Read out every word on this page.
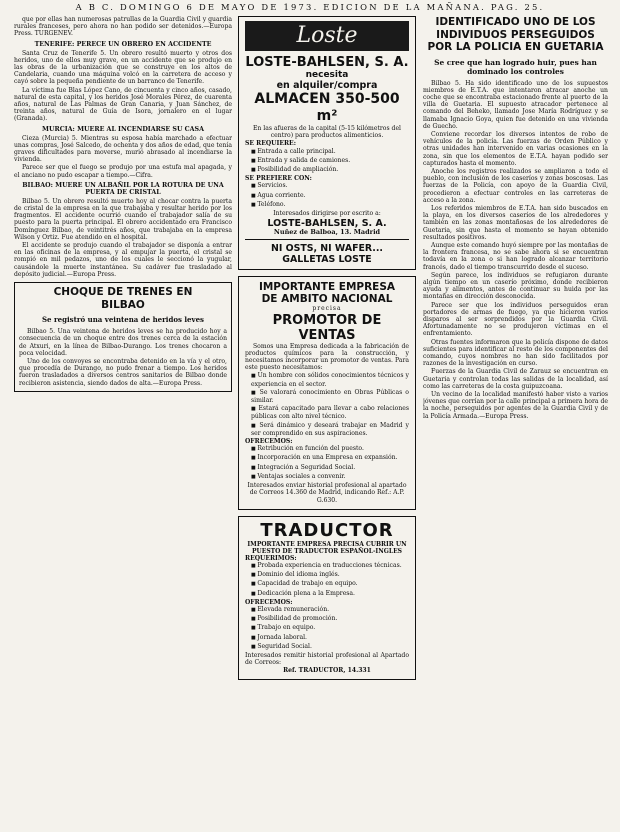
A B C. DOMINGO 6 DE MAYO DE 1973. EDICION DE LA MAÑANA. PAG. 25.

que por ellas han numerosas patrullas de la Guardia Civil y guardia rurales franceses, pero ahora no han podido ser detenidos.—Europa Press. TURGENEV.

TENERIFE: PERECE UN OBRERO EN ACCIDENTE

Santa Cruz de Tenerife 5. Un obrero resultó muerto y otros dos heridos, uno de ellos muy grave, en un accidente que se produjo en las obras de la urbanización que se construye en los altos de Candelaria, cuando una máquina volcó en la carretera de acceso y cayó sobre la pequeña pendiente de un barranco de Tenerife.

La víctima fue Blas López Cano, de cincuenta y cinco años, casado, natural de esta capital, y los heridos José Morales Pérez, de cuarenta años, natural de Las Palmas de Gran Canaria, y Juan Sánchez, de treinta años, natural de Guía de Isora, jornalero en el lugar (Granada).

MURCIA: MUERE AL INCENDIARSE SU CASA

Cieza (Murcia) 5. Mientras su esposa había marchado a efectuar unas compras, José Salcedo, de ochenta y dos años de edad, que tenía graves dificultades para moverse, murió abrasado al incendiarse la vivienda.

Parece ser que el fuego se produjo por una estufa mal apagada, y el anciano no pudo escapar a tiempo.—Cifra.

BILBAO: MUERE UN ALBAÑIL POR LA ROTURA DE UNA PUERTA DE CRISTAL

Bilbao 5. Un obrero resultó muerto hoy al chocar contra la puerta de cristal de la empresa en la que trabajaba y resultar herido por los fragmentos. El accidente ocurrió cuando el trabajador salía de su puesto para la puerta principal. El obrero accidentado era Francisco Domínguez Bilbao, de veintitrés años, que trabajaba en la empresa Wilson y Ortiz. Fue atendido en el hospital.

El accidente se produjo cuando el trabajador se disponía a entrar en las oficinas de la empresa, y al empujar la puerta, el cristal se rompió en mil pedazos, uno de los cuales le seccionó la yugular, causándole la muerte instantánea. Su cadáver fue trasladado al depósito judicial.—Europa Press.

CHOQUE DE TRENES EN
BILBAO
Se registró una veintena de heridos leves

Bilbao 5. Una veintena de heridos leves se ha producido hoy a consecuencia de un choque entre dos trenes cerca de la estación de Atxuri, en la línea de Bilbao-Durango. Los trenes chocaron a poca velocidad.

Uno de los convoyes se encontraba detenido en la vía y el otro, que procedía de Durango, no pudo frenar a tiempo. Los heridos fueron trasladados a diversos centros sanitarios de Bilbao donde recibieron asistencia, siendo dados de alta.—Europa Press.

Loste
LOSTE-BAHLSEN, S. A.
necesita
en alquiler/compra
ALMACEN 350-500 m²

En las afueras de la capital (5-15 kilómetros del centro) para productos alimenticios.

SE REQUIERE:

■ Entrada a calle principal.

■ Entrada y salida de camiones.

■ Posibilidad de ampliación.

SE PREFIERE CON:

■ Servicios.

■ Agua corriente.

■ Teléfono.

Interesados dirigirse por escrito a:

LOSTE-BAHLSEN, S. A.
Nuñez de Balboa, 13. Madrid
NI OSTS, NI WAFER...
GALLETAS LOSTE
IMPORTANTE EMPRESA
DE AMBITO NACIONAL
precisa
PROMOTOR DE VENTAS

Somos una Empresa dedicada a la fabricación de productos químicos para la construcción, y necesitamos incorporar un promotor de ventas. Para este puesto necesitamos:

■ Un hombre con sólidos conocimientos técnicos y experiencia en el sector.

■ Se valorará conocimiento en Obras Públicas o similar.

■ Estará capacitado para llevar a cabo relaciones públicas con alto nivel técnico.

■ Será dinámico y deseará trabajar en Madrid y ser comprendido en sus aspiraciones.

OFRECEMOS:

■ Retribución en función del puesto.

■ Incorporación en una Empresa en expansión.

■ Integración a Seguridad Social.

■ Ventajas sociales a convenir.

Interesados enviar historial profesional al apartado de Correos 14.360 de Madrid, indicando Ref.: A.P. G.630.

TRADUCTOR
IMPORTANTE EMPRESA PRECISA CUBRIR UN PUESTO DE TRADUCTOR ESPAÑOL-INGLES
REQUERIMOS:

■ Probada experiencia en traducciones técnicas.

■ Dominio del idioma inglés.

■ Capacidad de trabajo en equipo.

■ Dedicación plena a la Empresa.

OFRECEMOS:

■ Elevada remuneración.

■ Posibilidad de promoción.

■ Trabajo en equipo.

■ Jornada laboral.

■ Seguridad Social.

Interesados remitir historial profesional al Apartado de Correos:

Ref. TRADUCTOR, 14.331
IDENTIFICADO UNO DE LOS INDIVIDUOS PERSEGUIDOS POR LA POLICIA EN GUETARIA
Se cree que han logrado huir, pues han dominado los controles

Bilbao 5. Ha sido identificado uno de los supuestos miembros de E.T.A. que intentaron atracar anoche un coche que se encontraba estacionado frente al puerto de la villa de Guetaria. El supuesto atracador pertenece al comando del Beheko, llamado Jose María Rodríguez y se llamaba Ignacio Goya, quien fue detenido en una vivienda de Guecho.

Conviene recordar los diversos intentos de robo de vehículos de la policía. Las fuerzas de Orden Público y otras unidades han intervenido en varias ocasiones en la zona, sin que los elementos de E.T.A. hayan podido ser capturados hasta el momento.

Anoche los registros realizados se ampliaron a todo el pueblo, con inclusión de los caseríos y zonas boscosas. Las fuerzas de la Policía, con apoyo de la Guardia Civil, procedieron a efectuar controles en las carreteras de acceso a la zona.

Los referidos miembros de E.T.A. han sido buscados en la playa, en los diversos caseríos de los alrededores y también en las zonas montañosas de los alrededores de Guetaria, sin que hasta el momento se hayan obtenido resultados positivos.

Aunque este comando huyó siempre por las montañas de la frontera francesa, no se sabe ahora si se encuentran todavía en la zona o si han logrado alcanzar territorio francés, dado el tiempo transcurrido desde el suceso.

Según parece, los individuos se refugiaron durante algún tiempo en un caserío próximo, donde recibieron ayuda y alimentos, antes de continuar su huida por las montañas en dirección desconocida.

Parece ser que los individuos perseguidos eran portadores de armas de fuego, ya que hicieron varios disparos al ser sorprendidos por la Guardia Civil. Afortunadamente no se produjeron víctimas en el enfrentamiento.

Otras fuentes informaron que la policía dispone de datos suficientes para identificar al resto de los componentes del comando, cuyos nombres no han sido facilitados por razones de la investigación en curso.

Fuerzas de la Guardia Civil de Zarauz se encuentran en Guetaria y controlan todas las salidas de la localidad, así como las carreteras de la costa guipuzcoana.

Un vecino de la localidad manifestó haber visto a varios jóvenes que corrían por la calle principal a primera hora de la noche, perseguidos por agentes de la Guardia Civil y de la Policía Armada.—Europa Press.
